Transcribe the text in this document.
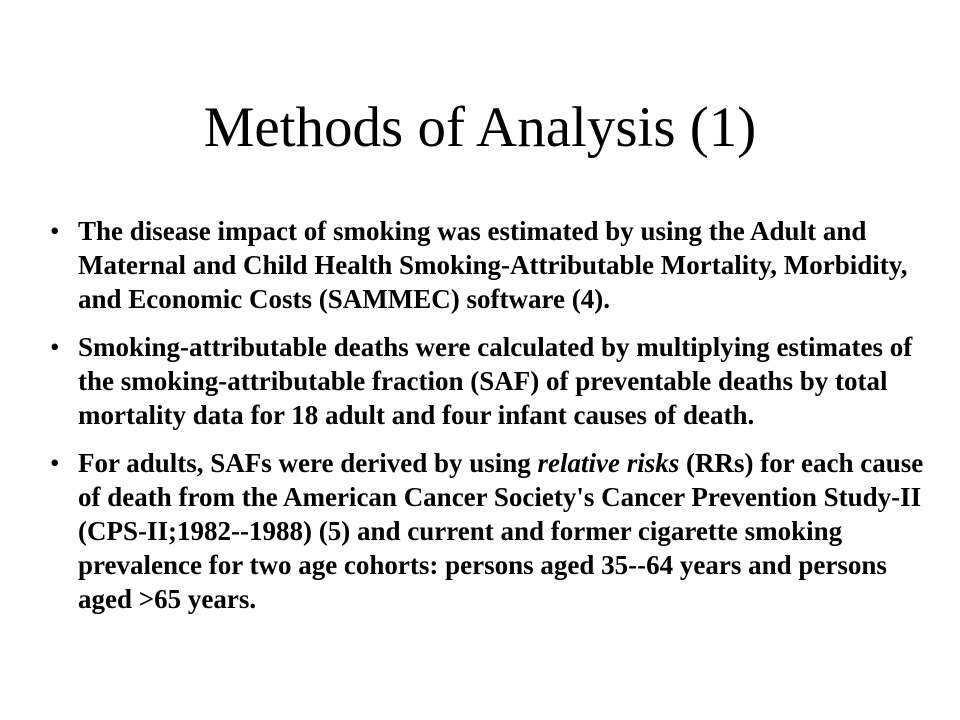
Methods of Analysis (1)
• The disease impact of smoking was estimated by using the Adult and Maternal and Child Health Smoking-Attributable Mortality, Morbidity, and Economic Costs (SAMMEC) software (4).
• Smoking-attributable deaths were calculated by multiplying estimates of the smoking-attributable fraction (SAF) of preventable deaths by total mortality data for 18 adult and four infant causes of death.
• For adults, SAFs were derived by using relative risks (RRs) for each cause of death from the American Cancer Society's Cancer Prevention Study-II (CPS-II;1982--1988) (5) and current and former cigarette smoking prevalence for two age cohorts: persons aged 35--64 years and persons aged >65 years.
